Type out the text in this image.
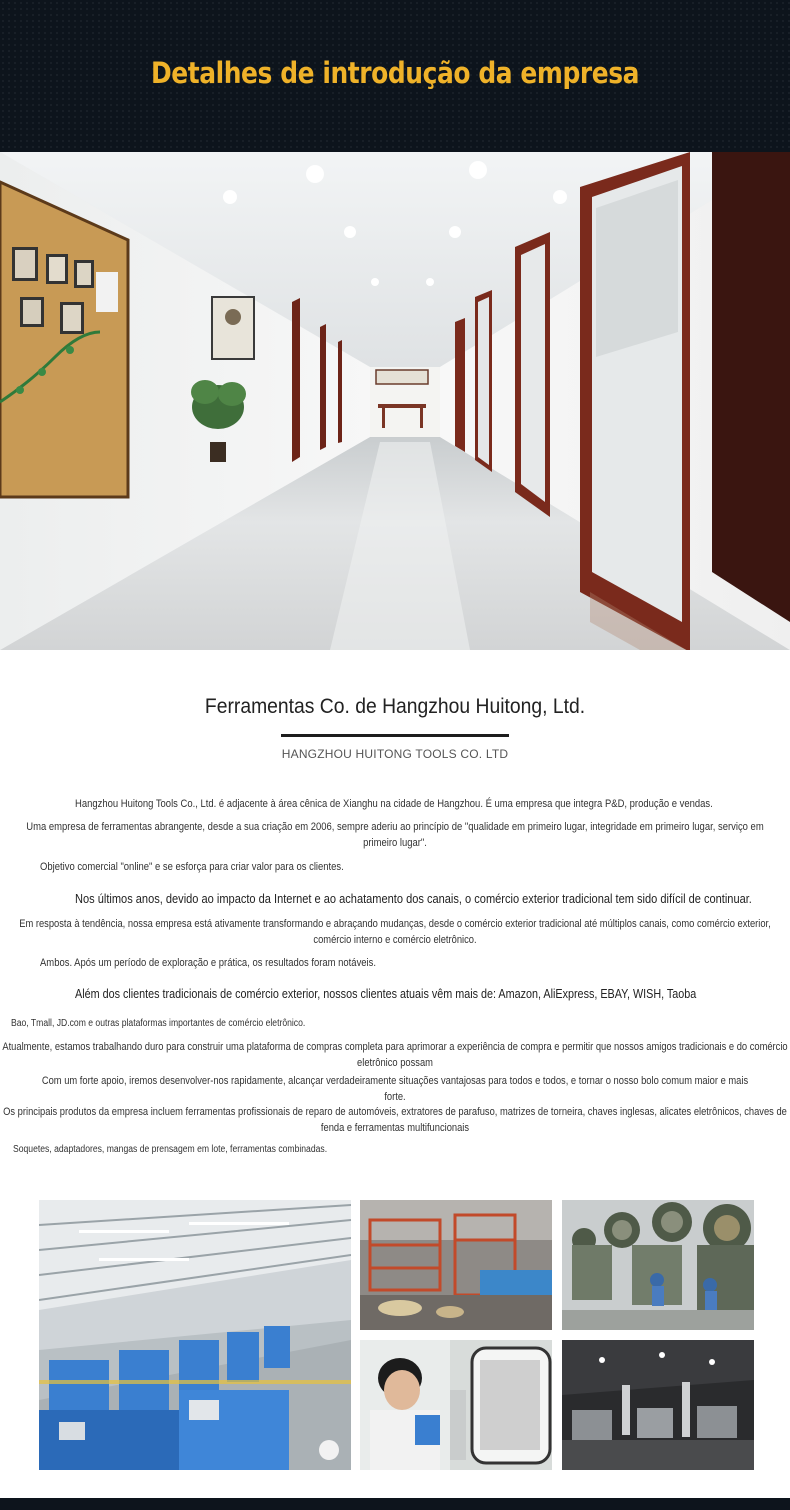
Detalhes de introdução da empresa
Ferramentas Co. de Hangzhou Huitong, Ltd.
HANGZHOU HUITONG TOOLS CO. LTD
Hangzhou Huitong Tools Co., Ltd. é adjacente à área cênica de Xianghu na cidade de Hangzhou. É uma empresa que integra P&D, produção e vendas.
Uma empresa de ferramentas abrangente, desde a sua criação em 2006, sempre aderiu ao princípio de "qualidade em primeiro lugar, integridade em primeiro lugar, serviço em primeiro lugar".
Objetivo comercial "online" e se esforça para criar valor para os clientes.
Nos últimos anos, devido ao impacto da Internet e ao achatamento dos canais, o comércio exterior tradicional tem sido difícil de continuar.
Em resposta à tendência, nossa empresa está ativamente transformando e abraçando mudanças, desde o comércio exterior tradicional até múltiplos canais, como comércio exterior, comércio interno e comércio eletrônico.
Ambos. Após um período de exploração e prática, os resultados foram notáveis.
Além dos clientes tradicionais de comércio exterior, nossos clientes atuais vêm mais de: Amazon, AliExpress, EBAY, WISH, Taoba
Bao, Tmall, JD.com e outras plataformas importantes de comércio eletrônico.
Atualmente, estamos trabalhando duro para construir uma plataforma de compras completa para aprimorar a experiência de compra e permitir que nossos amigos tradicionais e do comércio eletrônico possam
Com um forte apoio, iremos desenvolver-nos rapidamente, alcançar verdadeiramente situações vantajosas para todos e todos, e tornar o nosso bolo comum maior e mais forte.
Os principais produtos da empresa incluem ferramentas profissionais de reparo de automóveis, extratores de parafuso, matrizes de torneira, chaves inglesas, alicates eletrônicos, chaves de fenda e ferramentas multifuncionais
Soquetes, adaptadores, mangas de prensagem em lote, ferramentas combinadas.
